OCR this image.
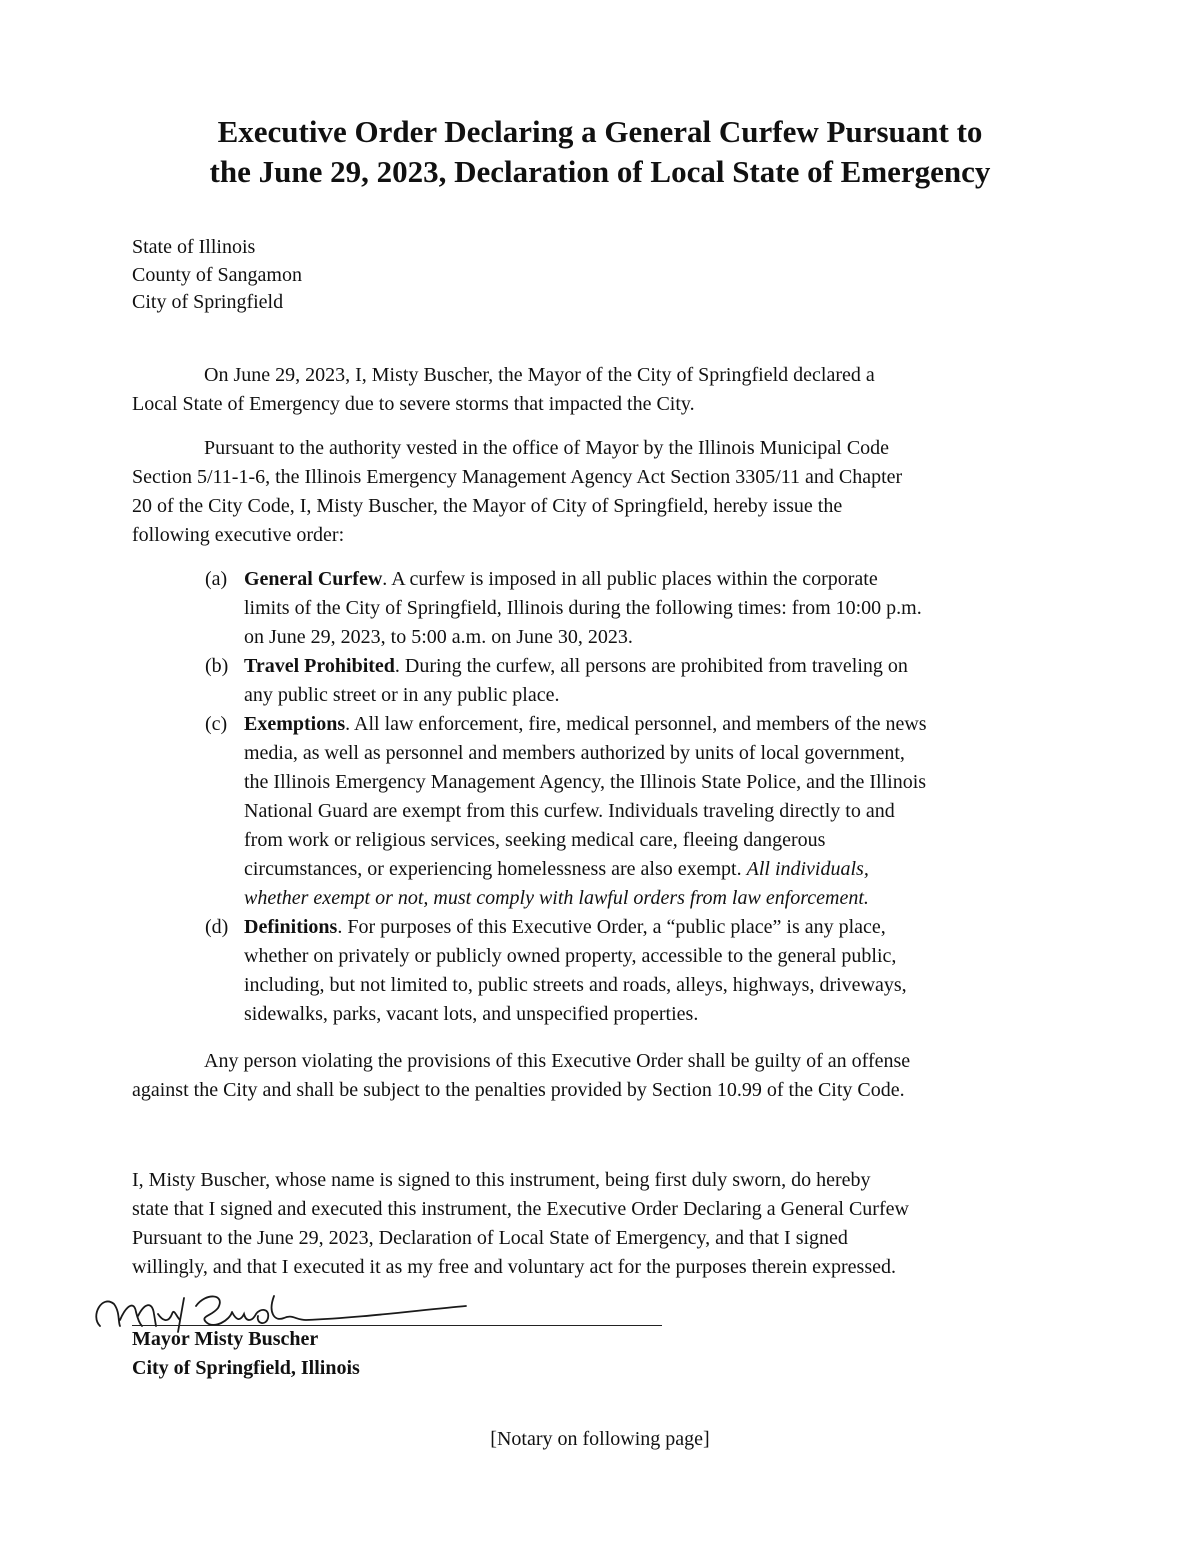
Executive Order Declaring a General Curfew Pursuant to
the June 29, 2023, Declaration of Local State of Emergency
State of Illinois
County of Sangamon
City of Springfield

On June 29, 2023, I, Misty Buscher, the Mayor of the City of Springfield declared a
Local State of Emergency due to severe storms that impacted the City.

Pursuant to the authority vested in the office of Mayor by the Illinois Municipal Code
Section 5/11-1-6, the Illinois Emergency Management Agency Act Section 3305/11 and Chapter
20 of the City Code, I, Misty Buscher, the Mayor of City of Springfield, hereby issue the
following executive order:

(a) General Curfew. A curfew is imposed in all public places within the corporate
limits of the City of Springfield, Illinois during the following times: from 10:00 p.m.
on June 29, 2023, to 5:00 a.m. on June 30, 2023.
(b) Travel Prohibited. During the curfew, all persons are prohibited from traveling on
any public street or in any public place.
(c) Exemptions. All law enforcement, fire, medical personnel, and members of the news
media, as well as personnel and members authorized by units of local government,
the Illinois Emergency Management Agency, the Illinois State Police, and the Illinois
National Guard are exempt from this curfew. Individuals traveling directly to and
from work or religious services, seeking medical care, fleeing dangerous
circumstances, or experiencing homelessness are also exempt. All individuals,
whether exempt or not, must comply with lawful orders from law enforcement.
(d) Definitions. For purposes of this Executive Order, a “public place” is any place,
whether on privately or publicly owned property, accessible to the general public,
including, but not limited to, public streets and roads, alleys, highways, driveways,
sidewalks, parks, vacant lots, and unspecified properties.

Any person violating the provisions of this Executive Order shall be guilty of an offense
against the City and shall be subject to the penalties provided by Section 10.99 of the City Code.

I, Misty Buscher, whose name is signed to this instrument, being first duly sworn, do hereby
state that I signed and executed this instrument, the Executive Order Declaring a General Curfew
Pursuant to the June 29, 2023, Declaration of Local State of Emergency, and that I signed
willingly, and that I executed it as my free and voluntary act for the purposes therein expressed.

Mayor Misty Buscher
City of Springfield, Illinois
[Notary on following page]
